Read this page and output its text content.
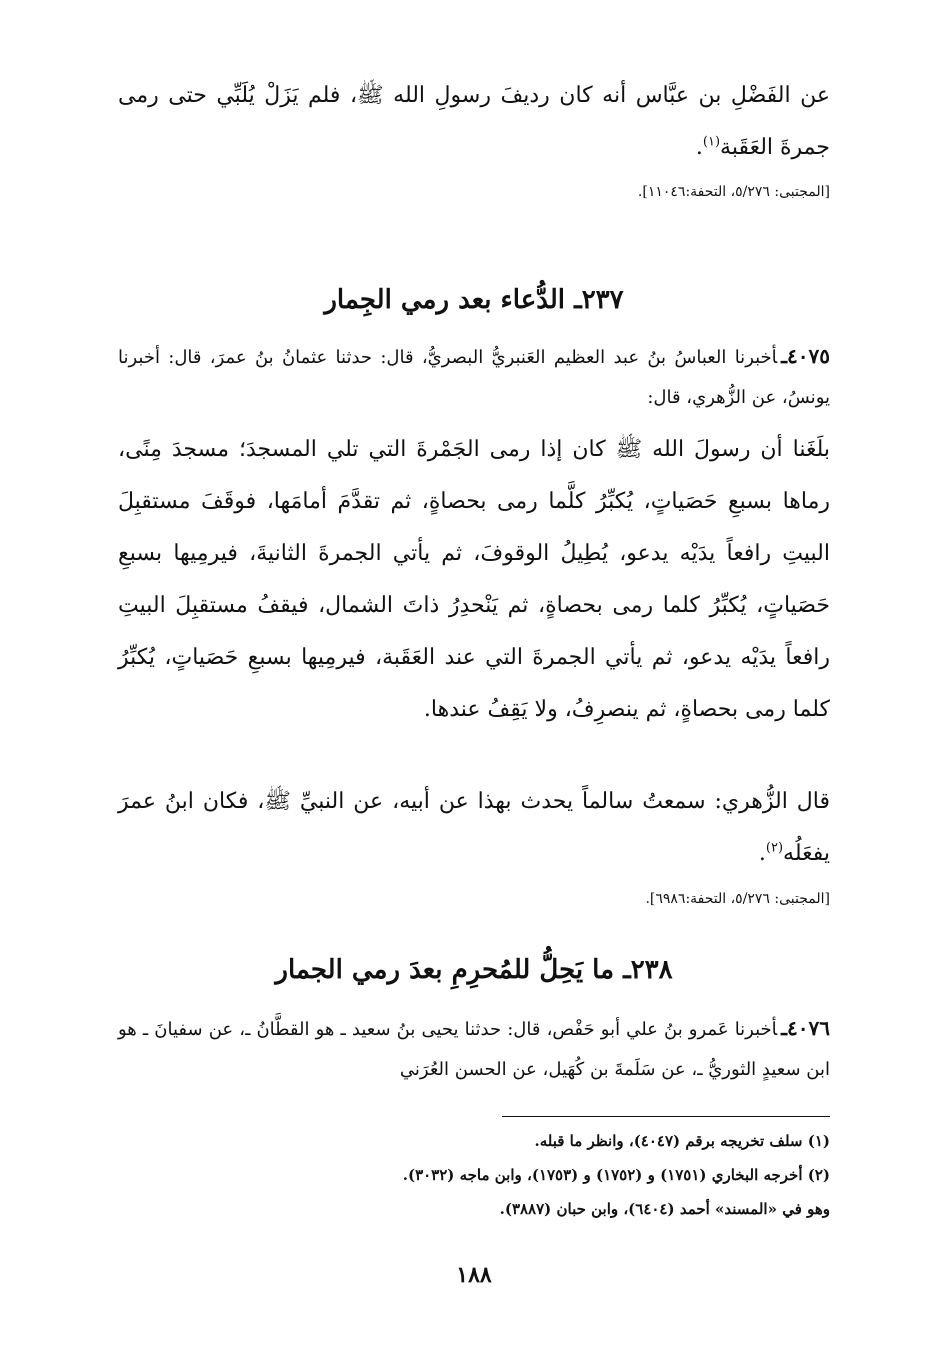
عن الفَضْلِ بن عبَّاس أنه كان رديفَ رسولِ الله ﷺ، فلم يَزَلْ يُلَبِّي حتى رمى جمرةَ العَقَبة$^{(١)}$.

[المجتبى: ٥/٢٧٦، التحفة:١١٠٤٦].

٢٣٧ـ الدُّعاء بعد رمي الجِمار

٤٠٧٥ـأخبرنا العباسُ بنُ عبد العظيم العَنبريُّ البصريُّ، قال: حدثنا عثمانُ بنُ عمرَ، قال: أخبرنا يونسُ، عن الزُّهري، قال:

بلَغَنا أن رسولَ الله ﷺ كان إذا رمى الجَمْرةَ التي تلي المسجدَ؛ مسجدَ مِنًى، رماها بسبعِ حَصَياتٍ، يُكبِّرُ كلَّما رمى بحصاةٍ، ثم تقدَّمَ أمامَها، فوقَفَ مستقبِلَ البيتِ رافعاً يدَيْه يدعو، يُطِيلُ الوقوفَ، ثم يأتي الجمرةَ الثانيةَ، فيرمِيها بسبعِ حَصَياتٍ، يُكبِّرُ كلما رمى بحصاةٍ، ثم يَنْحدِرُ ذاتَ الشمال، فيقفُ مستقبِلَ البيتِ رافعاً يدَيْه يدعو، ثم يأتي الجمرةَ التي عند العَقَبة، فيرمِيها بسبعِ حَصَياتٍ، يُكبِّرُ كلما رمى بحصاةٍ، ثم ينصرِفُ، ولا يَقِفُ عندها.

قال الزُّهري: سمعتُ سالماً يحدث بهذا عن أبيه، عن النبيِّ ﷺ، فكان ابنُ عمرَ يفعَلُه$^{(٢)}$.

[المجتبى: ٥/٢٧٦، التحفة:٦٩٨٦].

٢٣٨ـ ما يَحِلُّ للمُحرِمِ بعدَ رمي الجمار

٤٠٧٦ـأخبرنا عَمرو بنُ علي أبو حَفْص، قال: حدثنا يحيى بنُ سعيد ـ هو القطَّانُ ـ، عن سفيانَ ـ هو ابن سعيدٍ الثوريُّ ـ، عن سَلَمةَ بن كُهَيل، عن الحسن العُرَني

(١) سلف تخريجه برقم (٤٠٤٧)، وانظر ما قبله.

(٢) أخرجه البخاري (١٧٥١) و (١٧٥٢) و (١٧٥٣)، وابن ماجه (٣٠٣٢).

وهو في «المسند» أحمد (٦٤٠٤)، وابن حبان (٣٨٨٧).

١٨٨
